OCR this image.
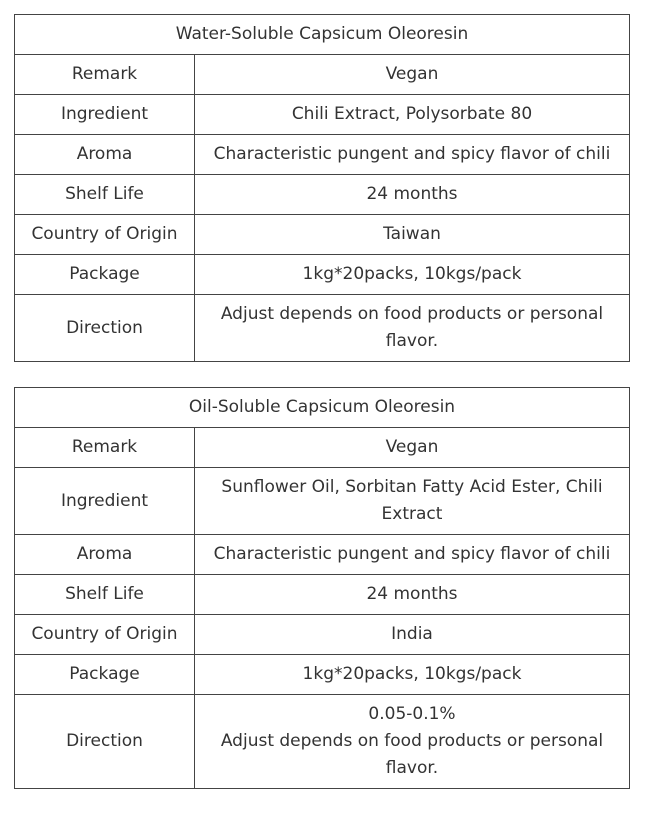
Water-Soluble Capsicum Oleoresin	
Remark	Vegan
Ingredient	Chili Extract, Polysorbate 80
Aroma	Characteristic pungent and spicy flavor of chili
Shelf Life	24 months
Country of Origin	Taiwan
Package	1kg*20packs, 10kgs/pack
Direction	Adjust depends on food products or personal flavor.
Oil-Soluble Capsicum Oleoresin	
Remark	Vegan
Ingredient	Sunflower Oil, Sorbitan Fatty Acid Ester, Chili Extract
Aroma	Characteristic pungent and spicy flavor of chili
Shelf Life	24 months
Country of Origin	India
Package	1kg*20packs, 10kgs/pack
Direction	0.05-0.1%
Adjust depends on food products or personal flavor.
